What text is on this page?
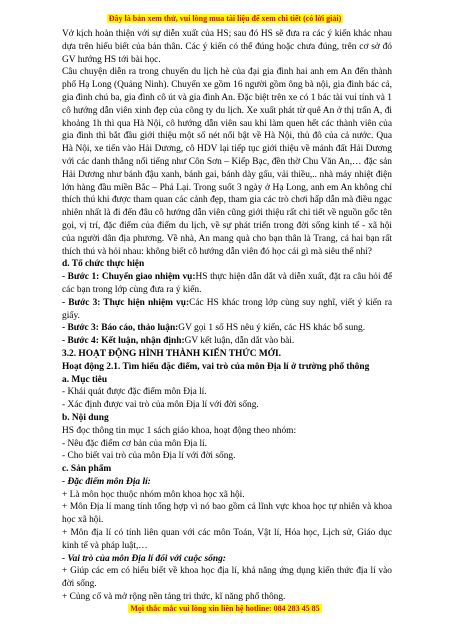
Đây là bản xem thử, vui lòng mua tài liệu để xem chi tiết (có lời giải)

Vở kịch hoàn thiện với sự diễn xuất của HS; sau đó HS sẽ đưa ra các ý kiến khác nhau dựa trên hiểu biết của bản thân. Các ý kiến có thể đúng hoặc chưa đúng, trên cơ sở đó GV hướng HS tới bài học.

Câu chuyện diễn ra trong chuyến du lịch hè của đại gia đình hai anh em An đến thành phố Hạ Long (Quảng Ninh). Chuyến xe gồm 16 người gồm ông bà nội, gia đình bác cả, gia đình chú ba, gia đình cô út và gia đình An. Đặc biệt trên xe có 1 bác tài vui tính và 1 cô hướng dẫn viên xinh đẹp của công ty du lịch. Xe xuất phát từ quê An ở thị trấn A, đi khoảng 1h thì qua Hà Nội, cô hướng dẫn viên sau khi làm quen hết các thành viên của gia đình thì bắt đầu giới thiệu một số nét nổi bật về Hà Nội, thủ đô của cả nước. Qua Hà Nội, xe tiến vào Hải Dương, cô HDV lại tiếp tục giới thiệu về mảnh đất Hải Dương với các danh thắng nổi tiếng như Côn Sơn – Kiếp Bạc, đền thờ Chu Văn An,… đặc sản Hải Dương như bánh đậu xanh, bánh gai, bánh dày gấu, vải thiều,.. nhà máy nhiệt điện lớn hàng đầu miền Bắc – Phả Lại. Trong suốt 3 ngày ở Hạ Long, anh em An không chỉ thích thú khi được tham quan các cảnh đẹp, tham gia các trò chơi hấp dẫn mà điều ngạc nhiên nhất là đi đến đâu cô hướng dẫn viên cũng giới thiệu rất chi tiết về nguồn gốc tên gọi, vị trí, đặc điểm của điểm du lịch, về sự phát triển trong đời sống kinh tế - xã hội của người dân địa phương. Về nhà, An mang quà cho bạn thân là Trang, cả hai bạn rất thích thú và hỏi nhau: không biết cô hướng dẫn viên đó học cái gì mà siêu thế nhỉ?

d. Tổ chức thực hiện

- Bước 1: Chuyển giao nhiệm vụ:HS thực hiện dẫn dắt và diễn xuất, đặt ra câu hỏi để các bạn trong lớp cùng đưa ra ý kiến.

- Bước 3: Thực hiện nhiệm vụ:Các HS khác trong lớp cùng suy nghĩ, viết ý kiến ra giấy.

- Bước 3: Báo cáo, thảo luận:GV gọi 1 số HS nêu ý kiến, các HS khác bổ sung.

- Bước 4: Kết luận, nhận định:GV kết luận, dẫn dắt vào bài.

3.2. HOẠT ĐỘNG HÌNH THÀNH KIẾN THỨC MỚI.

Hoạt động 2.1. Tìm hiểu đặc điểm, vai trò của môn Địa lí ở trường phổ thông

a. Mục tiêu

- Khái quát được đặc điểm môn Địa lí.

- Xác định được vai trò của môn Địa lí với đời sống.

b. Nội dung

HS đọc thông tin mục 1 sách giáo khoa, hoạt động theo nhóm:

- Nêu đặc điểm cơ bản của môn Địa lí.

- Cho biết vai trò của môn Địa lí với đời sống.

c. Sản phẩm

- Đặc điểm môn Địa lí:

+ Là môn học thuộc nhóm môn khoa học xã hội.

+ Môn Địa lí mang tính tổng hợp vì nó bao gồm cả lĩnh vực khoa học tự nhiên và khoa học xã hội.

+ Môn địa lí có tính liên quan với các môn Toán, Vật lí, Hóa học, Lịch sử, Giáo dục kinh tế và pháp luật,…

- Vai trò của môn Địa lí đối với cuộc sống:

+ Giúp các em có hiểu biết về khoa học địa lí, khả năng ứng dụng kiến thức địa lí vào đời sống.

+ Củng cố và mở rộng nền tảng tri thức, kĩ năng phổ thông.

Mọi thắc mắc vui lòng xin liên hệ hotline: 084 283 45 85
